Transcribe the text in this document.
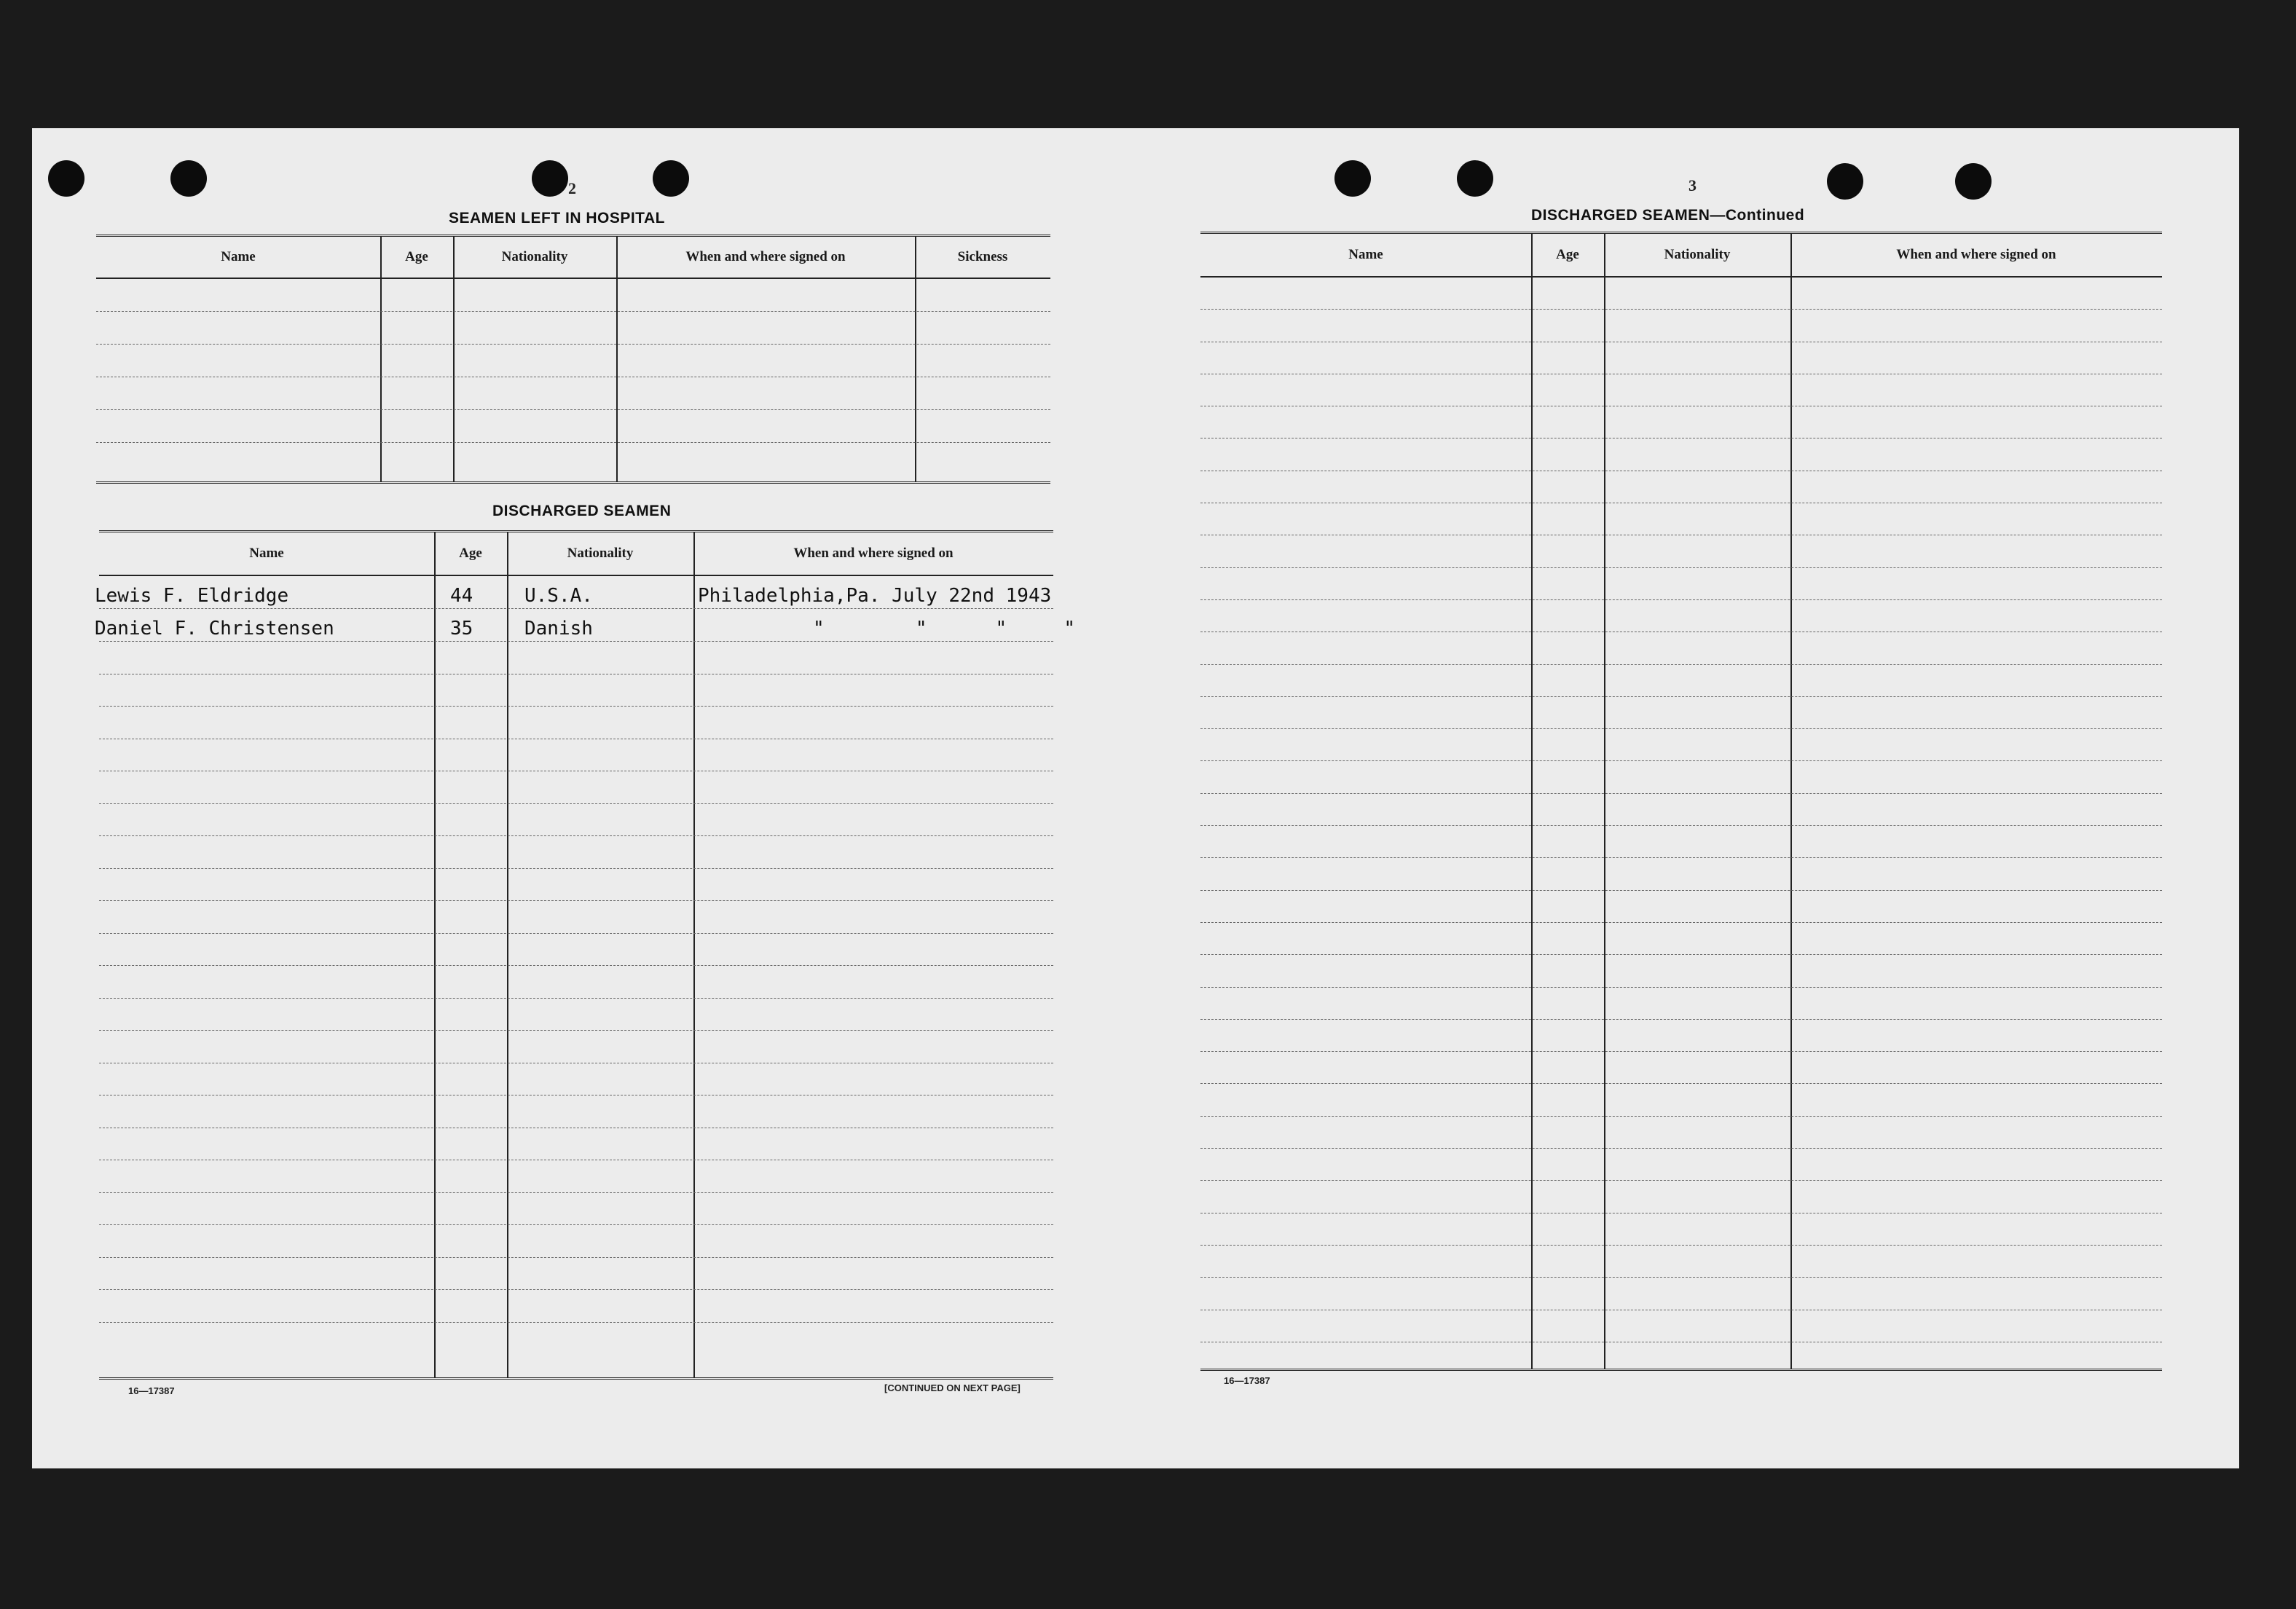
2
SEAMEN LEFT IN HOSPITAL
Name	Age	Nationality	When and where signed on	Sickness
DISCHARGED SEAMEN
Name	Age	Nationality	When and where signed on
Lewis F. Eldridge	44	U.S.A.	Philadelphia,Pa. July 22nd 1943
Daniel F. Christensen	35	Danish	"        "      "     "
16—17387	[CONTINUED ON NEXT PAGE]
3
DISCHARGED SEAMEN—Continued
Name	Age	Nationality	When and where signed on
16—17387
